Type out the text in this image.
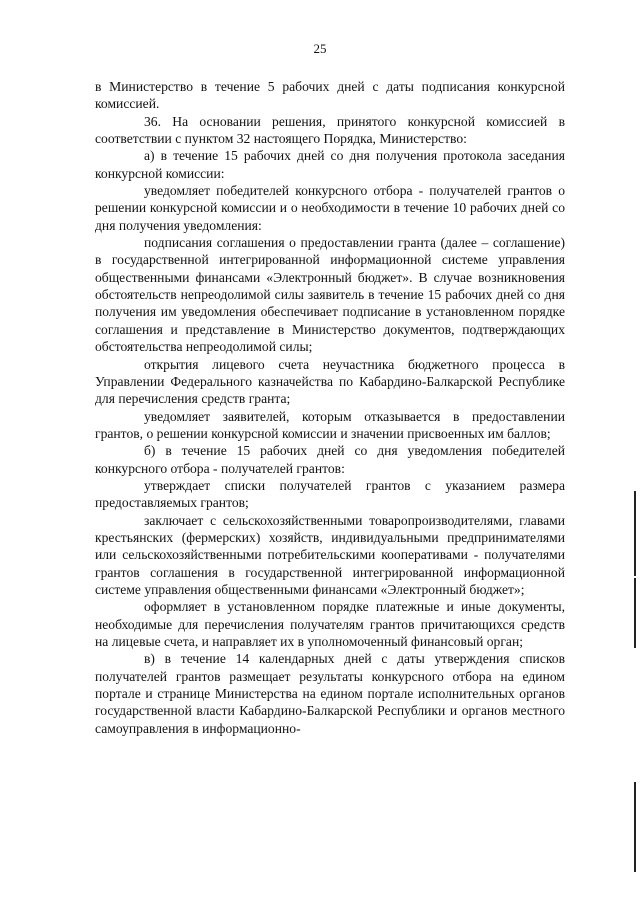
25

в Министерство в течение 5 рабочих дней с даты подписания конкурсной комиссией.

36. На основании решения, принятого конкурсной комиссией в соответствии с пунктом 32 настоящего Порядка, Министерство:

а) в течение 15 рабочих дней со дня получения протокола заседания конкурсной комиссии:

уведомляет победителей конкурсного отбора - получателей грантов о решении конкурсной комиссии и о необходимости в течение 10 рабочих дней со дня получения уведомления:

подписания соглашения о предоставлении гранта (далее – соглашение) в государственной интегрированной информационной системе управления общественными финансами «Электронный бюджет». В случае возникновения обстоятельств непреодолимой силы заявитель в течение 15 рабочих дней со дня получения им уведомления обеспечивает подписание в установленном порядке соглашения и представление в Министерство документов, подтверждающих обстоятельства непреодолимой силы;

открытия лицевого счета неучастника бюджетного процесса в Управлении Федерального казначейства по Кабардино-Балкарской Республике для перечисления средств гранта;

уведомляет заявителей, которым отказывается в предоставлении грантов, о решении конкурсной комиссии и значении присвоенных им баллов;

б) в течение 15 рабочих дней со дня уведомления победителей конкурсного отбора - получателей грантов:

утверждает списки получателей грантов с указанием размера предоставляемых грантов;

заключает с сельскохозяйственными товаропроизводителями, главами крестьянских (фермерских) хозяйств, индивидуальными предпринимателями или сельскохозяйственными потребительскими кооперативами - получателями грантов соглашения в государственной интегрированной информационной системе управления общественными финансами «Электронный бюджет»;

оформляет в установленном порядке платежные и иные документы, необходимые для перечисления получателям грантов причитающихся средств на лицевые счета, и направляет их в уполномоченный финансовый орган;

в) в течение 14 календарных дней с даты утверждения списков получателей грантов размещает результаты конкурсного отбора на едином портале и странице Министерства на едином портале исполнительных органов государственной власти Кабардино-Балкарской Республики и органов местного самоуправления в информационно-
